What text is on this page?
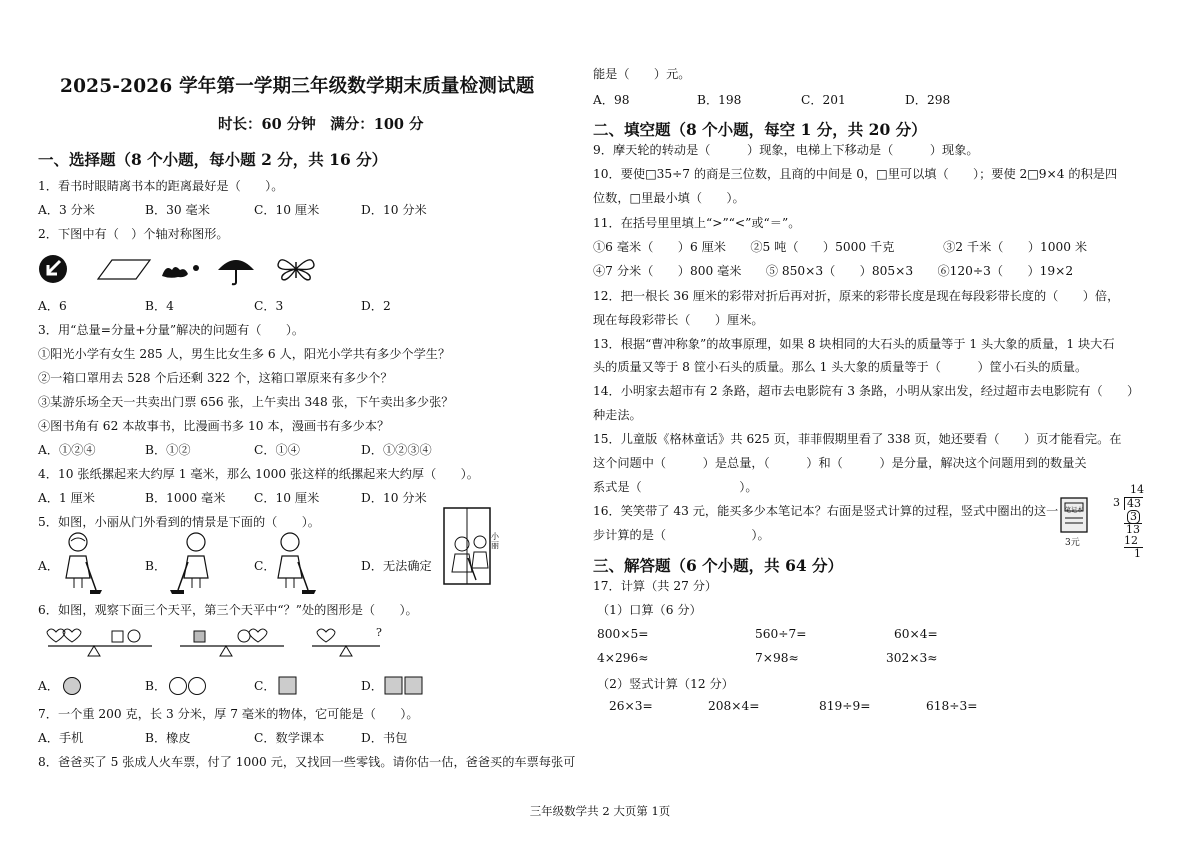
2025-2026 学年第一学期三年级数学期末质量检测试题
时长：60 分钟　满分：100 分
一、选择题（8 个小题，每小题 2 分，共 16 分）
1．看书时眼睛离书本的距离最好是（　　）。
A．3 分米	B．30 毫米	C．10 厘米	D．10 分米
2．下图中有（　）个轴对称图形。
A．6	B．4	C．3	D．2
3．用“总量=分量+分量”解决的问题有（　　）。
①阳光小学有女生 285 人，男生比女生多 6 人，阳光小学共有多少个学生？
②一箱口罩用去 528 个后还剩 322 个，这箱口罩原来有多少个？
③某游乐场全天一共卖出门票 656 张，上午卖出 348 张，下午卖出多少张？
④图书角有 62 本故事书，比漫画书多 10 本，漫画书有多少本？
A．①②④	B．①②	C．①④	D．①②③④
4．10 张纸摞起来大约厚 1 毫米，那么 1000 张这样的纸摞起来大约厚（　　）。
A．1 厘米	B．1000 毫米 C．10 厘米	D．10 分米
5．如图，小丽从门外看到的情景是下面的（　　）。
A．	B．	C．	D．无法确定
小丽
6．如图，观察下面三个天平，第三个天平中“？”处的图形是（　　）。
?
A．	B．	C．	D．
7．一个重 200 克，长 3 分米，厚 7 毫米的物体，它可能是（　　）。
A．手机	B．橡皮	C．数学课本	D．书包
8．爸爸买了 5 张成人火车票，付了 1000 元，又找回一些零钱。请你估一估，爸爸买的车票每张可
能是（　　）元。
A．98	B．198	C．201	D．298
二、填空题（8 个小题，每空 1 分，共 20 分）
9．摩天轮的转动是（　　　）现象，电梯上下移动是（　　　）现象。
10．要使□35÷7 的商是三位数，且商的中间是 0，□里可以填（　　）；要使 2□9×4 的积是四
位数，□里最小填（　　）。
11．在括号里里填上“>”“<”或“＝”。
①6 毫米（　　）6 厘米　　②5 吨（　　）5000 千克　　　　③2 千米（　　）1000 米
④7 分米（　　）800 毫米　　⑤ 850×3（　　）805×3　　⑥120÷3（　　）19×2
12．把一根长 36 厘米的彩带对折后再对折，原来的彩带长度是现在每段彩带长度的（　　）倍，
现在每段彩带长（　　）厘米。
13．根据“曹冲称象”的故事原理，如果 8 块相同的大石头的质量等于 1 头大象的质量，1 块大石
头的质量又等于 8 筐小石头的质量。那么 1 头大象的质量等于（　　　）筐小石头的质量。
14．小明家去超市有 2 条路，超市去电影院有 3 条路，小明从家出发，经过超市去电影院有（　　）
种走法。
15．儿童版《格林童话》共 625 页，菲菲假期里看了 338 页，她还要看（　　）页才能看完。在
这个问题中（　　　）是总量，（　　　）和（　　　）是分量，解决这个问题用到的数量关
系式是（　　　　　　　　）。
16．笑笑带了 43 元，能买多少本笔记本？右面是竖式计算的过程，竖式中圈出的这一
步计算的是（　　　　　　　）。
笔记本
3元
14
3 43
3
13
12
1
三、解答题（6 个小题，共 64 分）
17．计算（共 27 分）
（1）口算（6 分）
800×5=	560÷7=	60×4=
4×296≈	7×98≈	302×3≈
（2）竖式计算（12 分）
26×3=	208×4=	819÷9=	618÷3=
三年级数学共 2 大页第 1页
